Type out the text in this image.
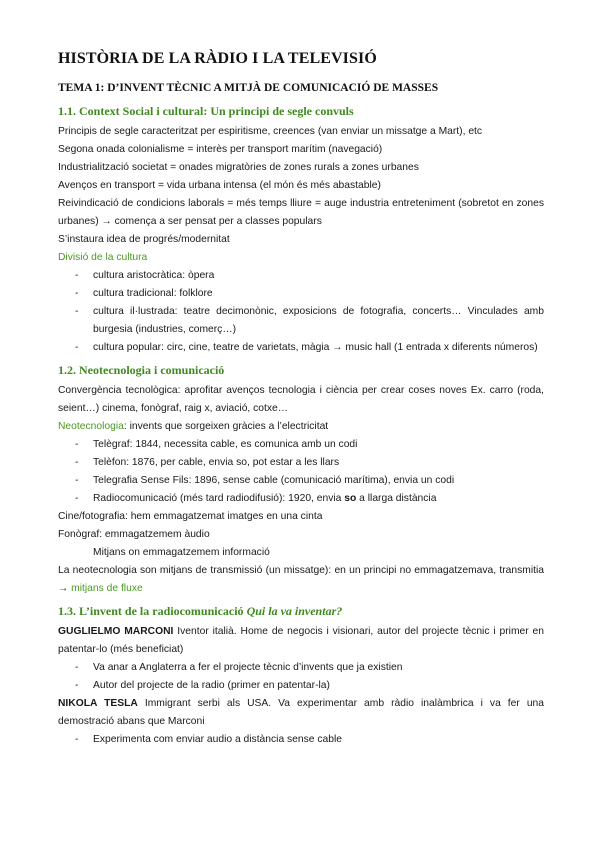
HISTÒRIA DE LA RÀDIO I LA TELEVISIÓ
TEMA 1: D’INVENT TÈCNIC A MITJÀ DE COMUNICACIÓ DE MASSES
1.1. Context Social i cultural: Un principi de segle convuls

Principis de segle caracteritzat per espiritisme, creences (van enviar un missatge a Mart), etc

Segona onada colonialisme = interès per transport marítim (navegació)

Industrialització societat = onades migratòries de zones rurals a zones urbanes

Avenços en transport = vida urbana intensa (el món és més abastable)

Reivindicació de condicions laborals = més temps lliure = auge industria entreteniment (sobretot en zones urbanes) → comença a ser pensat per a classes populars

S’instaura idea de progrés/modernitat

Divisió de la cultura

- cultura aristocràtica: òpera
- cultura tradicional: folklore
- cultura il·lustrada: teatre decimonònic, exposicions de fotografia, concerts… Vinculades amb burgesia (industries, comerç…)
- cultura popular: circ, cine, teatre de varietats, màgia → music hall (1 entrada x diferents números)
1.2. Neotecnologia i comunicació

Convergència tecnològica: aprofitar avenços tecnologia i ciència per crear coses noves Ex. carro (roda, seient…) cinema, fonògraf, raig x, aviació, cotxe…

Neotecnologia: invents que sorgeixen gràcies a l’electricitat

- Telègraf: 1844, necessita cable, es comunica amb un codi
- Telèfon: 1876, per cable, envia so, pot estar a les llars
- Telegrafia Sense Fils: 1896, sense cable (comunicació marítima), envia un codi
- Radiocomunicació (més tard radiodifusió): 1920, envia so a llarga distància

Cine/fotografia: hem emmagatzemat imatges en una cinta

Fonògraf: emmagatzemem àudio

Mitjans on emmagatzemem informació

La neotecnologia son mitjans de transmissió (un missatge): en un principi no emmagatzemava, transmitia → mitjans de fluxe

1.3. L’invent de la radiocomunicació Qui la va inventar?

GUGLIELMO MARCONI Iventor italià. Home de negocis i visionari, autor del projecte tècnic i primer en patentar-lo (més beneficiat)

- Va anar a Anglaterra a fer el projecte tècnic d’invents que ja existien
- Autor del projecte de la radio (primer en patentar-la)

NIKOLA TESLA Immigrant serbi als USA. Va experimentar amb ràdio inalàmbrica i va fer una demostració abans que Marconi

- Experimenta com enviar audio a distància sense cable
